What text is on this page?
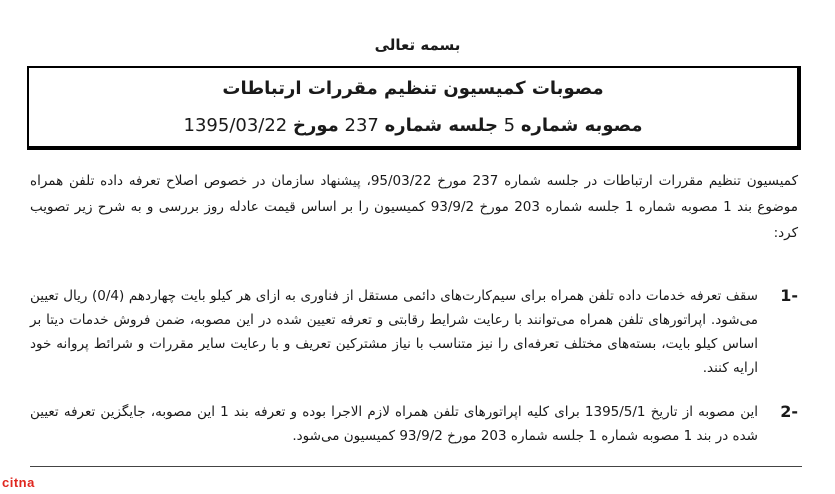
بسمه تعالی
مصوبات کمیسیون تنظیم مقررات ارتباطات
مصوبه شماره 5 جلسه شماره 237 مورخ 1395/03/22
کمیسیون تنظیم مقررات ارتباطات در جلسه شماره 237 مورخ 95/03/22، پیشنهاد سازمان در خصوص اصلاح تعرفه داده تلفن همراه موضوع بند 1 مصوبه شماره 1 جلسه شماره 203 مورخ 93/9/2 کمیسیون را بر اساس قیمت عادله روز بررسی و به شرح زیر تصویب کرد:
-1
سقف تعرفه خدمات داده تلفن همراه برای سیم‌کارت‌های دائمی مستقل از فناوری به ازای هر کیلو بایت چهاردهم (0/4) ریال تعیین می‌شود. اپراتورهای تلفن همراه می‌توانند با رعایت شرایط رقابتی و تعرفه تعیین شده در این مصوبه، ضمن فروش خدمات دیتا بر اساس کیلو بایت، بسته‌های مختلف تعرفه‌ای را نیز متناسب با نیاز مشترکین تعریف و با رعایت سایر مقررات و شرائط پروانه خود ارایه کنند.
-2
این مصوبه از تاریخ 1395/5/1 برای کلیه اپراتورهای تلفن همراه لازم الاجرا بوده و تعرفه بند 1 این مصوبه، جایگزین تعرفه تعیین شده در بند 1 مصوبه شماره 1 جلسه شماره 203 مورخ 93/9/2 کمیسیون می‌شود.
citna
